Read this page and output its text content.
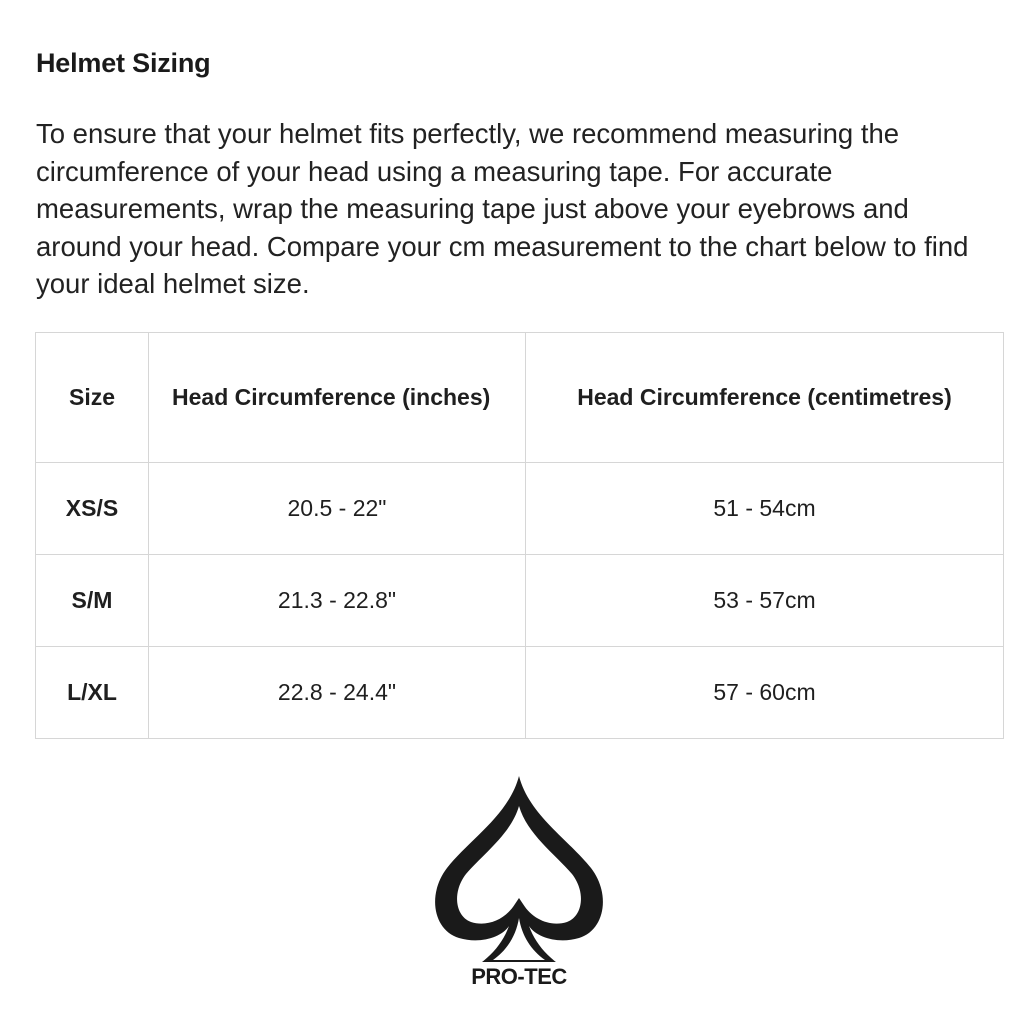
Helmet Sizing

To ensure that your helmet fits perfectly, we recommend measuring the circumference of your head using a measuring tape. For accurate measurements, wrap the measuring tape just above your eyebrows and around your head. Compare your cm measurement to the chart below to find your ideal helmet size.

Size	Head Circumference (inches)	Head Circumference (centimetres)
XS/S	20.5 - 22"	51 - 54cm
S/M	21.3 - 22.8"	53 - 57cm
L/XL	22.8 - 24.4"	57 - 60cm
PRO-TEC
